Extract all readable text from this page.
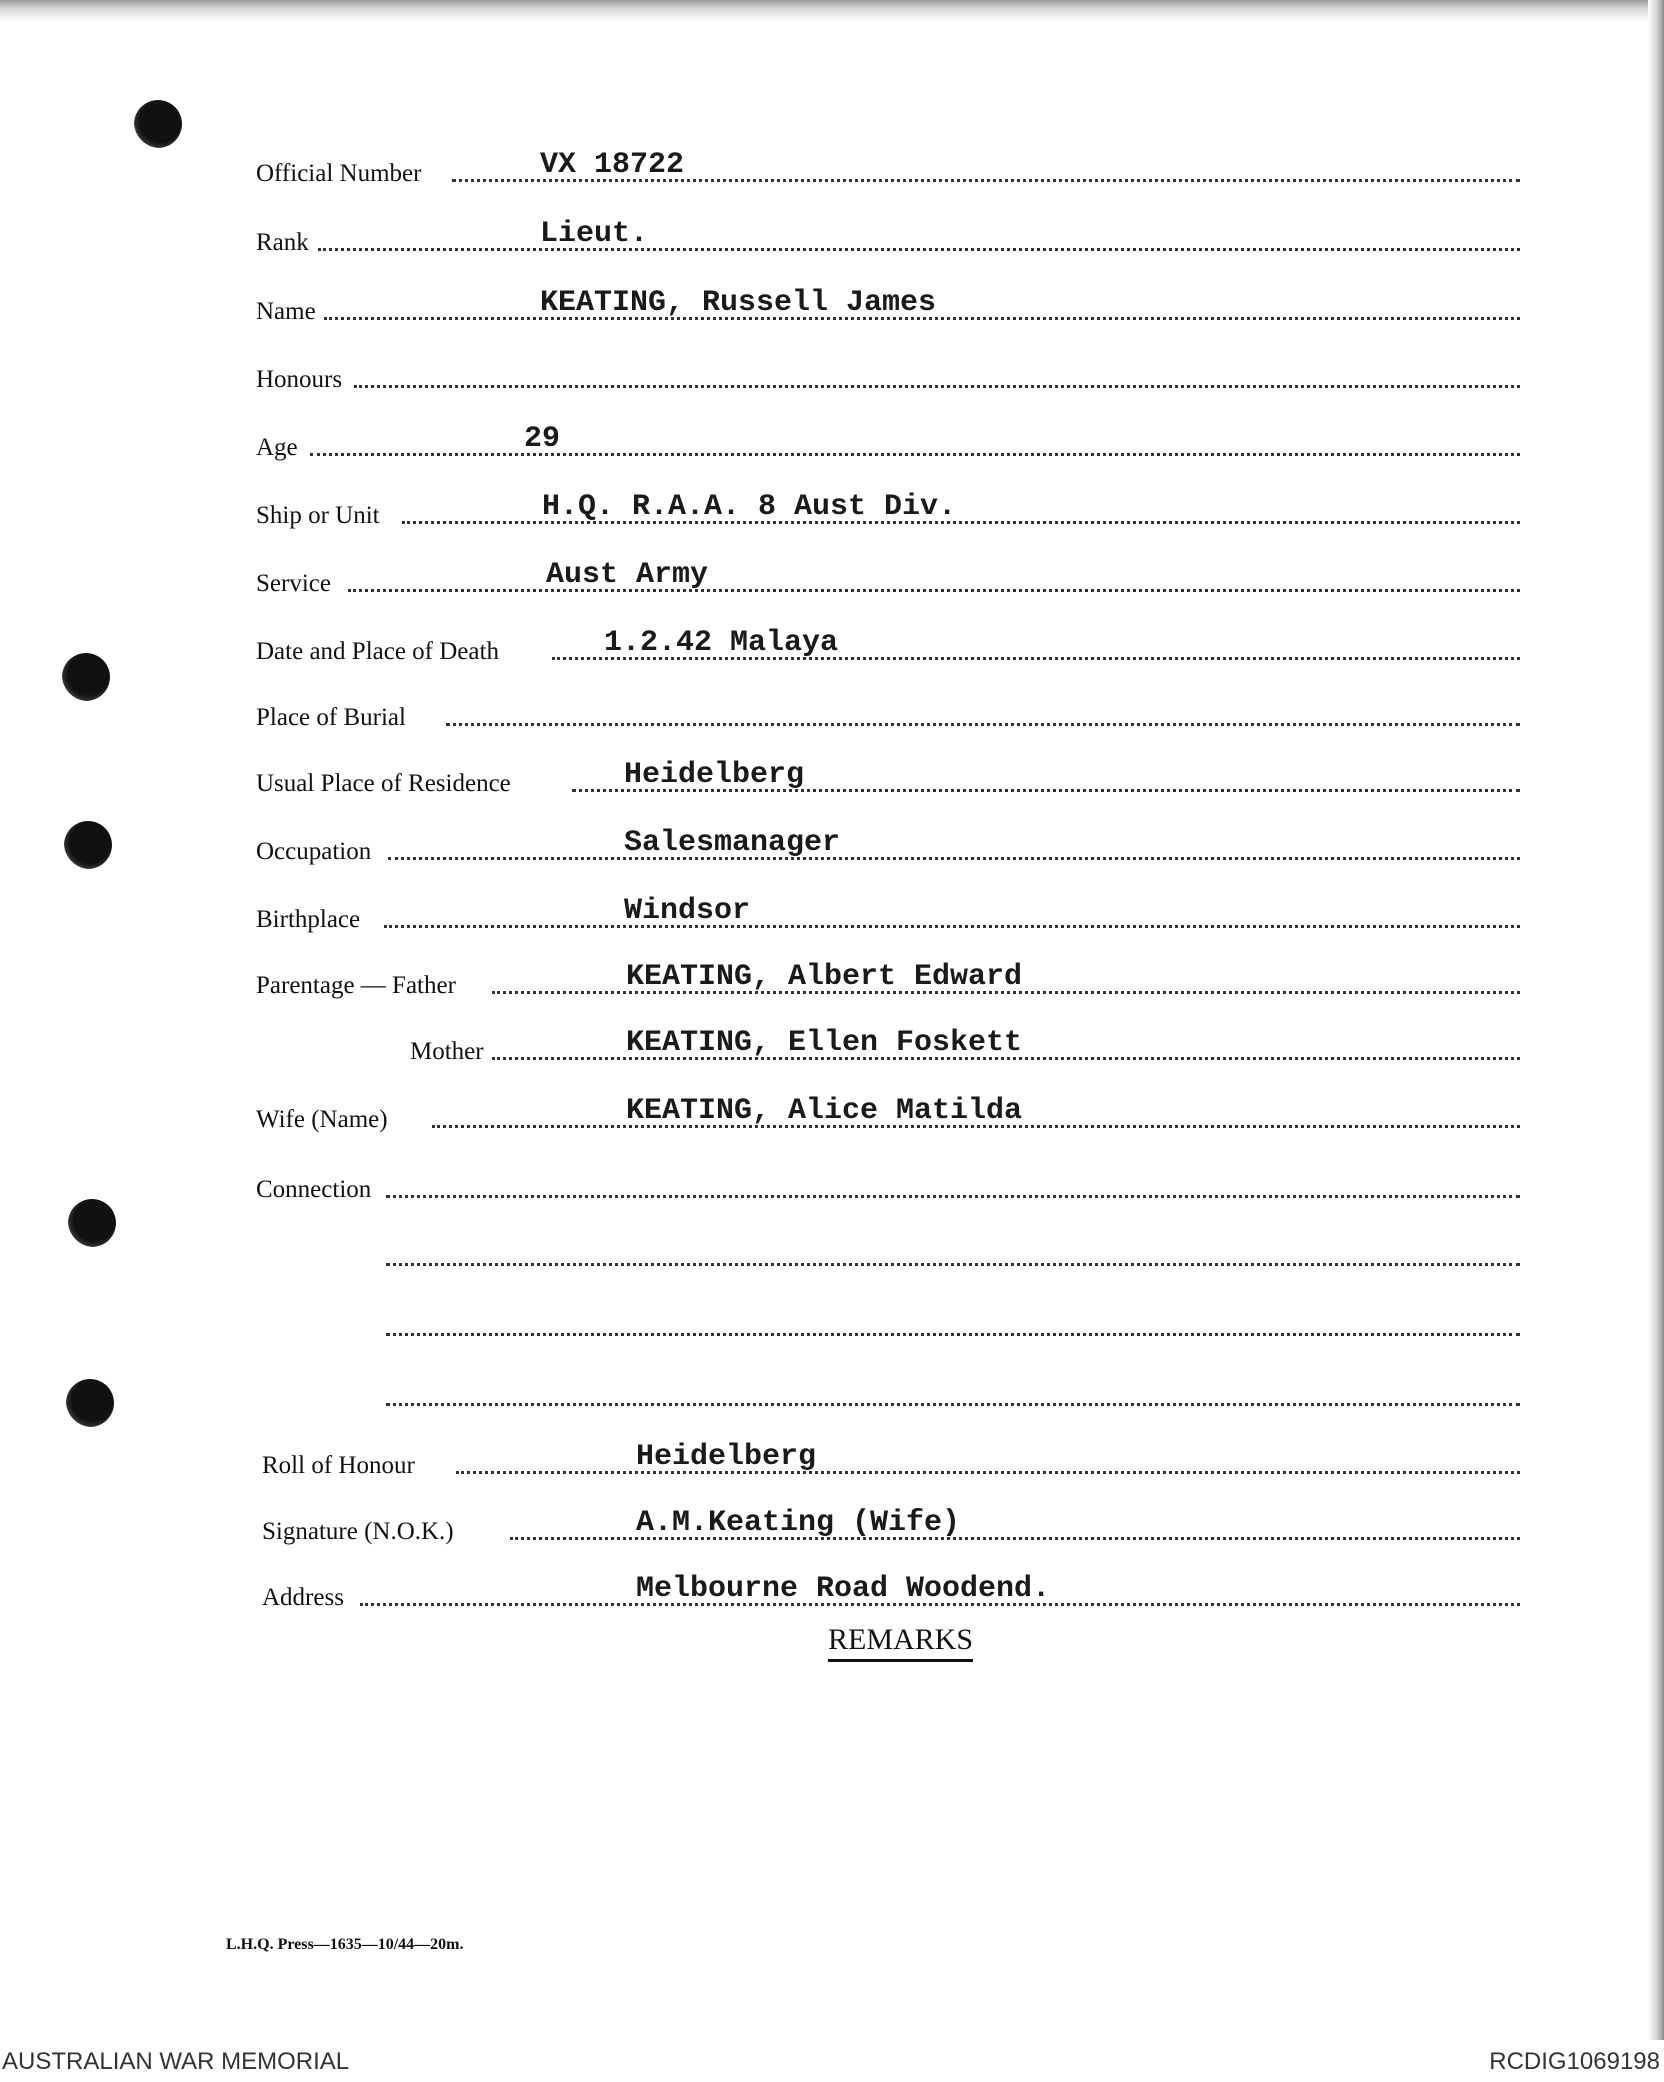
Official Number	VX 18722
Rank	Lieut.
Name	KEATING, Russell James
Honours
Age	29
Ship or Unit	H.Q. R.A.A. 8 Aust Div.
Service	Aust Army
Date and Place of Death	1.2.42 Malaya
Place of Burial
Usual Place of Residence	Heidelberg
Occupation	Salesmanager
Birthplace	Windsor
Parentage — Father	KEATING, Albert Edward
Mother	KEATING, Ellen Foskett
Wife (Name)	KEATING, Alice Matilda
Connection
Roll of Honour	Heidelberg
Signature (N.O.K.)	A.M.Keating (Wife)
Address	Melbourne Road Woodend.
REMARKS
L.H.Q. Press—1635—10/44—20m.
AUSTRALIAN WAR MEMORIAL	RCDIG1069198
